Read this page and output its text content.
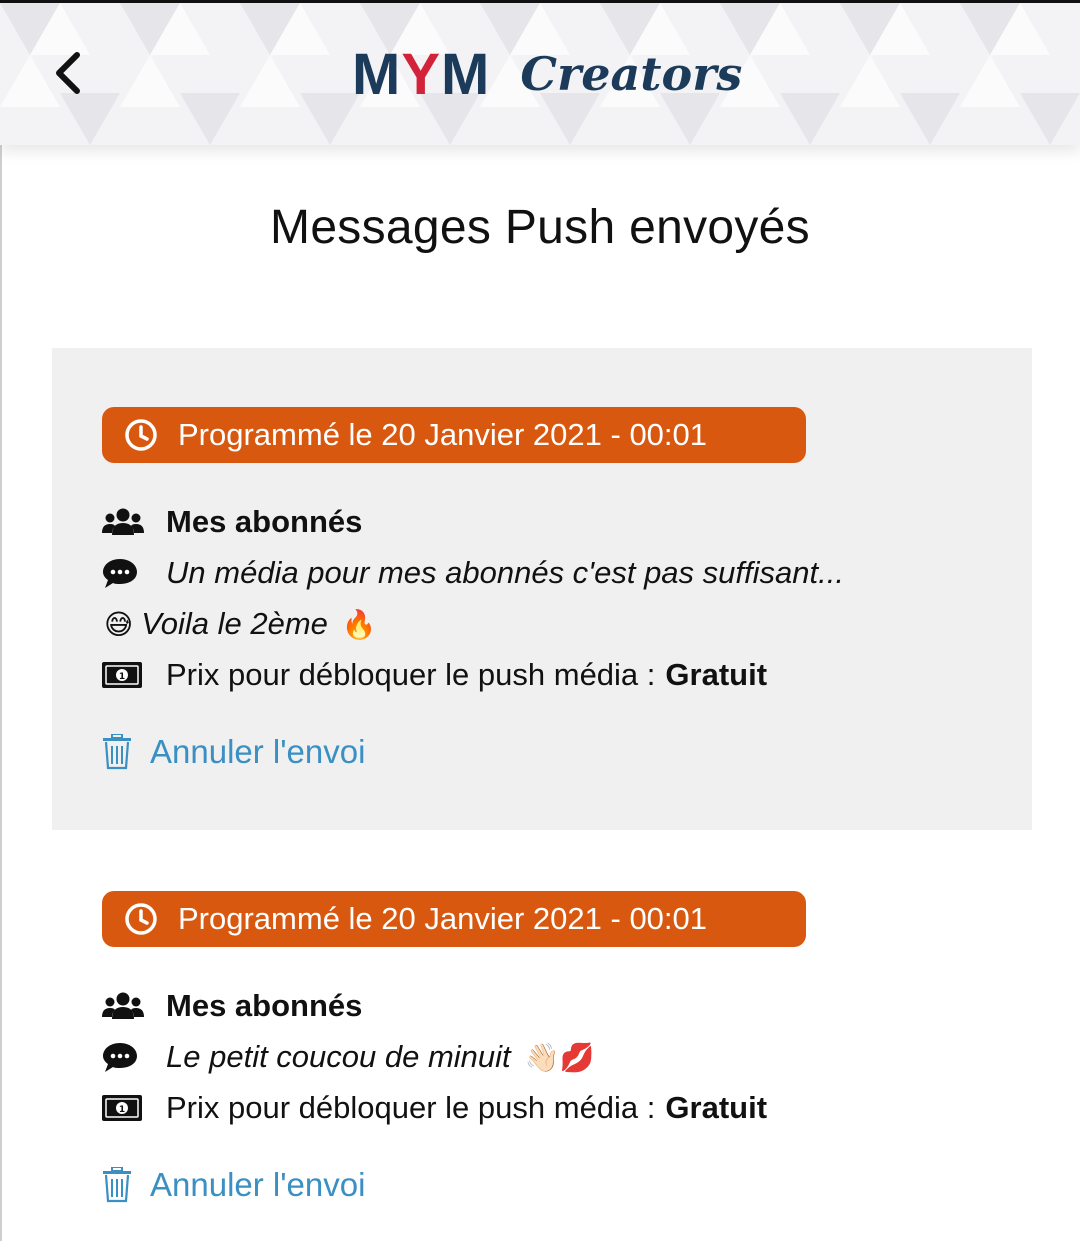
MYM Creators
Messages Push envoyés
Programmé le 20 Janvier 2021 - 00:01
Mes abonnés
Un média pour mes abonnés c'est pas suffisant...
😅 Voila le 2ème 🔥
1 Prix pour débloquer le push média : Gratuit
Annuler l'envoi
Programmé le 20 Janvier 2021 - 00:01
Mes abonnés
Le petit coucou de minuit 👋🏻💋
1 Prix pour débloquer le push média : Gratuit
Annuler l'envoi
